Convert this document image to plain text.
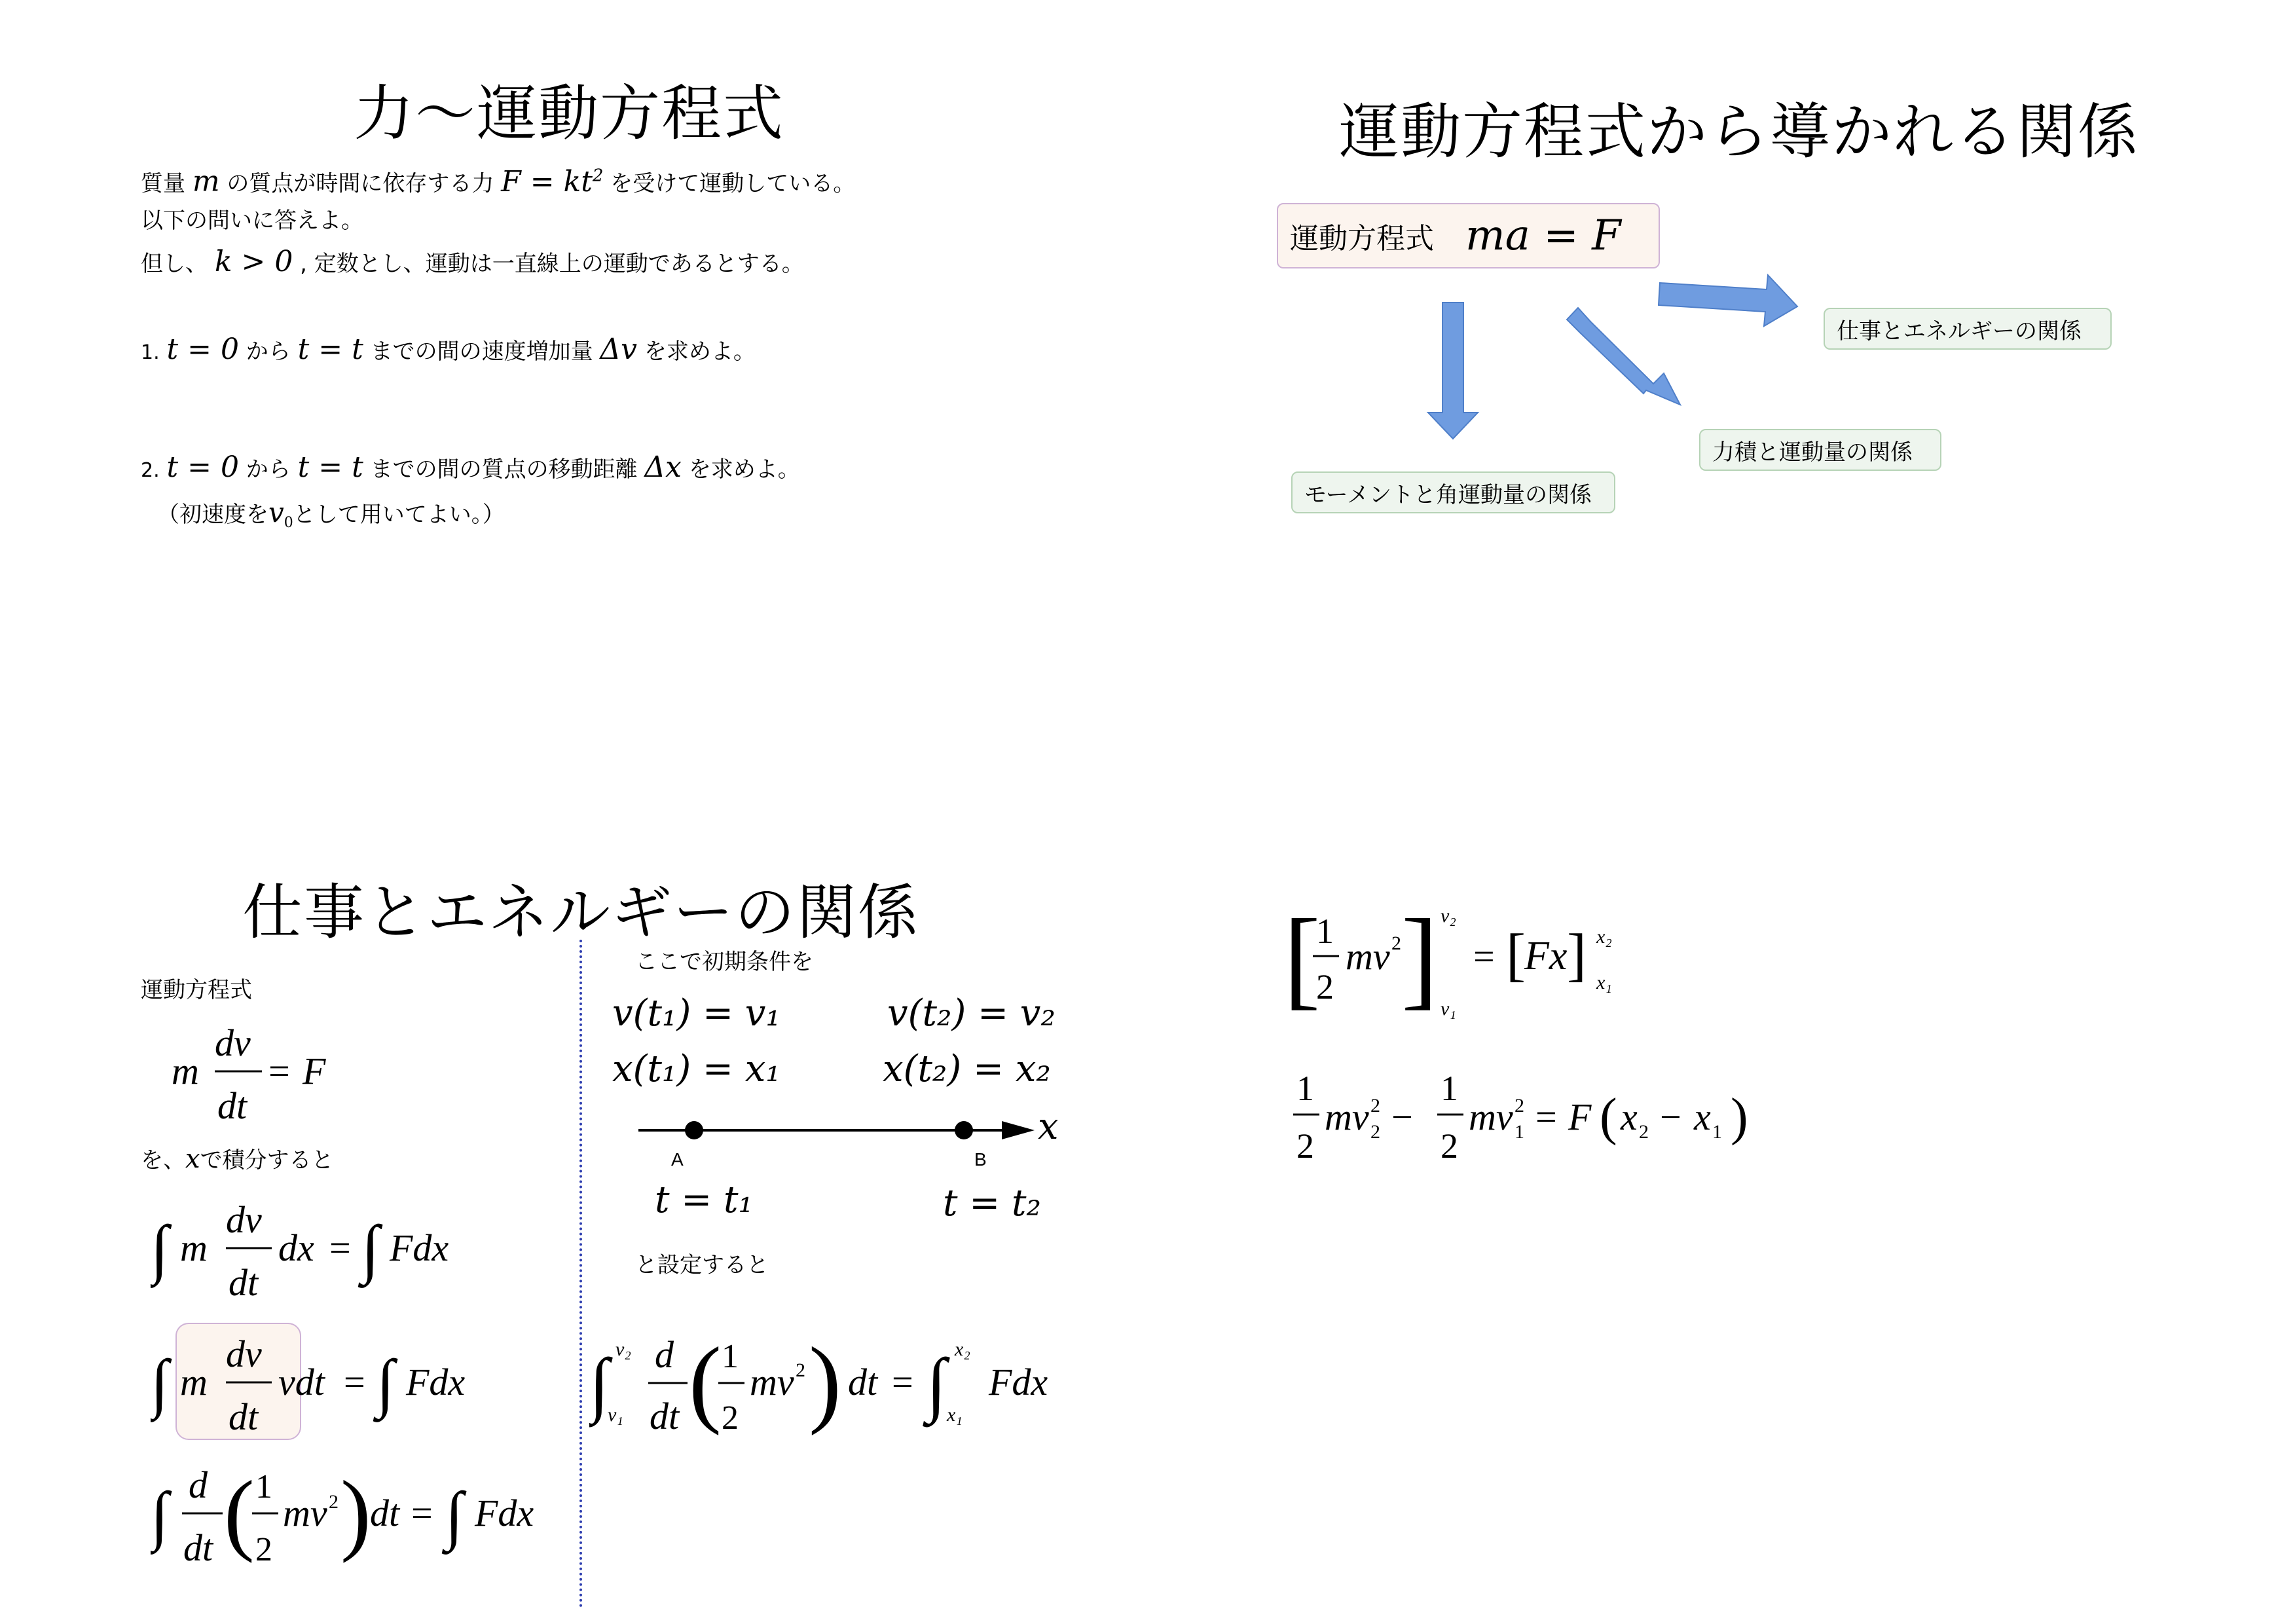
力～運動方程式
質量 m の質点が時間に依存する力 $F = kt^2$ を受けて運動している。
以下の問いに答えよ。
但し、 k > 0 , 定数とし、運動は一直線上の運動であるとする。
1. t = 0 から t = t までの間の速度増加量 Δv を求めよ。
2. t = 0 から t = t までの間の質点の移動距離 Δx を求めよ。
（初速度を$v_0$として用いてよい。）
運動方程式から導かれる関係
運動方程式 ma = F
仕事とエネルギーの関係
力積と運動量の関係
モーメントと角運動量の関係
仕事とエネルギーの関係
運動方程式
m
dv
dt
= F
を、xで積分すると
∫ m
dv
dt
dx = ∫ Fdx
∫ m
dv
dt
vdt = ∫ Fdx
∫ d
dt ( 1
2
mv 2 )
dt = ∫ Fdx
ここで初期条件を
v(t₁) = v₁	v(t₂) = v₂
x(t₁) = x₁	x(t₂) = x₂
x
A	B
t = t₁	t = t₂
と設定すると
∫ v₂
v₁
d
dt ( 1
2
mv 2 ) dt = ∫ x₂
x₁
Fdx
[
1
2
mv 2 ] v₂
v₁
= [
Fx ] x₂
x₁
1
2
mv 2
2 −
1
2
mv 2
1 = F ( x 2 − x 1 )
